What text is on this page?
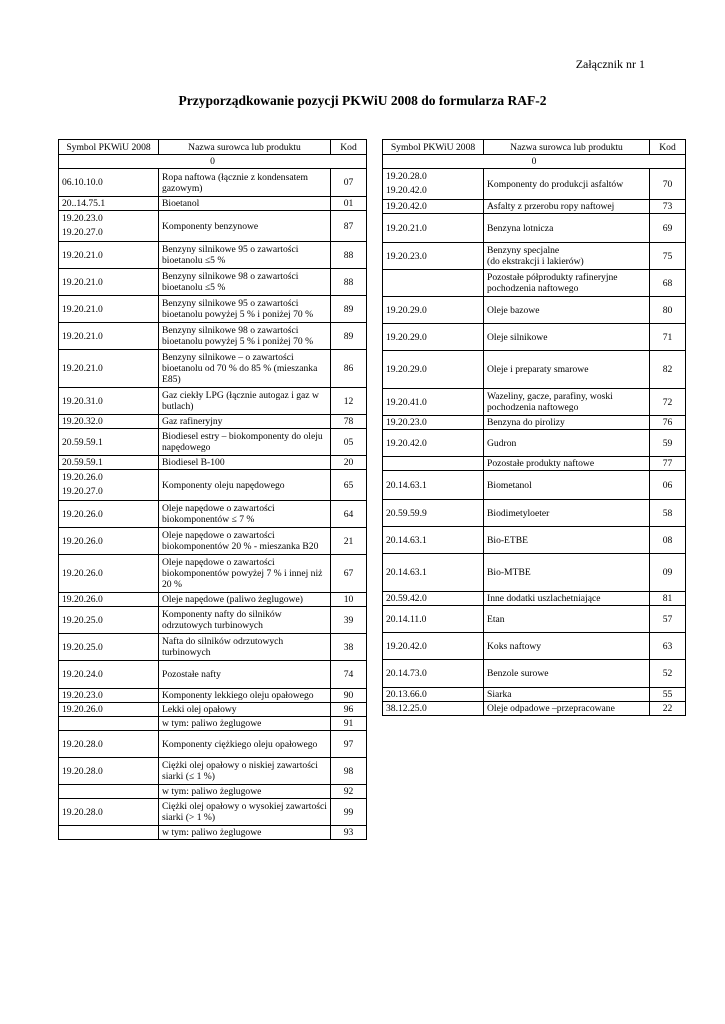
Załącznik nr 1
Przyporządkowanie pozycji PKWiU 2008 do formularza RAF-2
Symbol PKWiU 2008	Nazwa surowca lub produktu	Kod
0		

06.10.10.0	Ropa naftowa (łącznie z kondensatem gazowym)	07

20..14.75.1	Bioetanol	01

19.20.23.0
19.20.27.0	Komponenty benzynowe	87

19.20.21.0	Benzyny silnikowe 95 o zawartości bioetanolu ≤5 %	88

19.20.21.0	Benzyny silnikowe 98 o zawartości bioetanolu ≤5 %	88

19.20.21.0	Benzyny silnikowe 95 o zawartości bioetanolu powyżej 5 % i poniżej 70 %	89

19.20.21.0	Benzyny silnikowe 98 o zawartości bioetanolu powyżej 5 % i poniżej 70 %	89

19.20.21.0	Benzyny silnikowe – o zawartości bioetanolu od 70 % do 85 % (mieszanka E85)	86

19.20.31.0	Gaz ciekły LPG (łącznie autogaz i gaz w butlach)	12

19.20.32.0	Gaz rafineryjny	78

20.59.59.1	Biodiesel estry – biokomponenty do oleju napędowego	05

20.59.59.1	Biodiesel B-100	20

19.20.26.0
19.20.27.0	Komponenty oleju napędowego	65

19.20.26.0	Oleje napędowe o zawartości biokomponentów ≤ 7 %	64

19.20.26.0	Oleje napędowe o zawartości biokomponentów 20 % - mieszanka B20	21

19.20.26.0	Oleje napędowe o zawartości biokomponentów powyżej 7 % i innej niż 20 %	67

19.20.26.0	Oleje napędowe (paliwo żeglugowe)	10

19.20.25.0	Komponenty nafty do silników odrzutowych turbinowych	39

19.20.25.0	Nafta do silników odrzutowych turbinowych	38

19.20.24.0	Pozostałe nafty	74

19.20.23.0	Komponenty lekkiego oleju opałowego	90

19.20.26.0	Lekki olej opałowy	96

	w tym: paliwo żeglugowe	91

19.20.28.0	Komponenty ciężkiego oleju opałowego	97

19.20.28.0	Ciężki olej opałowy o niskiej zawartości siarki (≤ 1 %)	98

	w tym: paliwo żeglugowe	92

19.20.28.0	Ciężki olej opałowy o wysokiej zawartości siarki (> 1 %)	99

	w tym: paliwo żeglugowe	93
Symbol PKWiU 2008	Nazwa surowca lub produktu	Kod
0		

19.20.28.0
19.20.42.0	Komponenty do produkcji asfaltów	70

19.20.42.0	Asfalty z przerobu ropy naftowej	73

19.20.21.0	Benzyna lotnicza	69

19.20.23.0	Benzyny specjalne
(do ekstrakcji i lakierów)	75

	Pozostałe półprodukty rafineryjne pochodzenia naftowego	68

19.20.29.0	Oleje bazowe	80

19.20.29.0	Oleje silnikowe	71

19.20.29.0	Oleje i preparaty smarowe	82

19.20.41.0	Wazeliny, gacze, parafiny, woski pochodzenia naftowego	72

19.20.23.0	Benzyna do pirolizy	76

19.20.42.0	Gudron	59

	Pozostałe produkty naftowe	77

20.14.63.1	Biometanol	06

20.59.59.9	Biodimetyloeter	58

20.14.63.1	Bio-ETBE	08

20.14.63.1	Bio-MTBE	09

20.59.42.0	Inne dodatki uszlachetniające	81

20.14.11.0	Etan	57

19.20.42.0	Koks naftowy	63

20.14.73.0	Benzole surowe	52

20.13.66.0	Siarka	55

38.12.25.0	Oleje odpadowe –przepracowane	22
